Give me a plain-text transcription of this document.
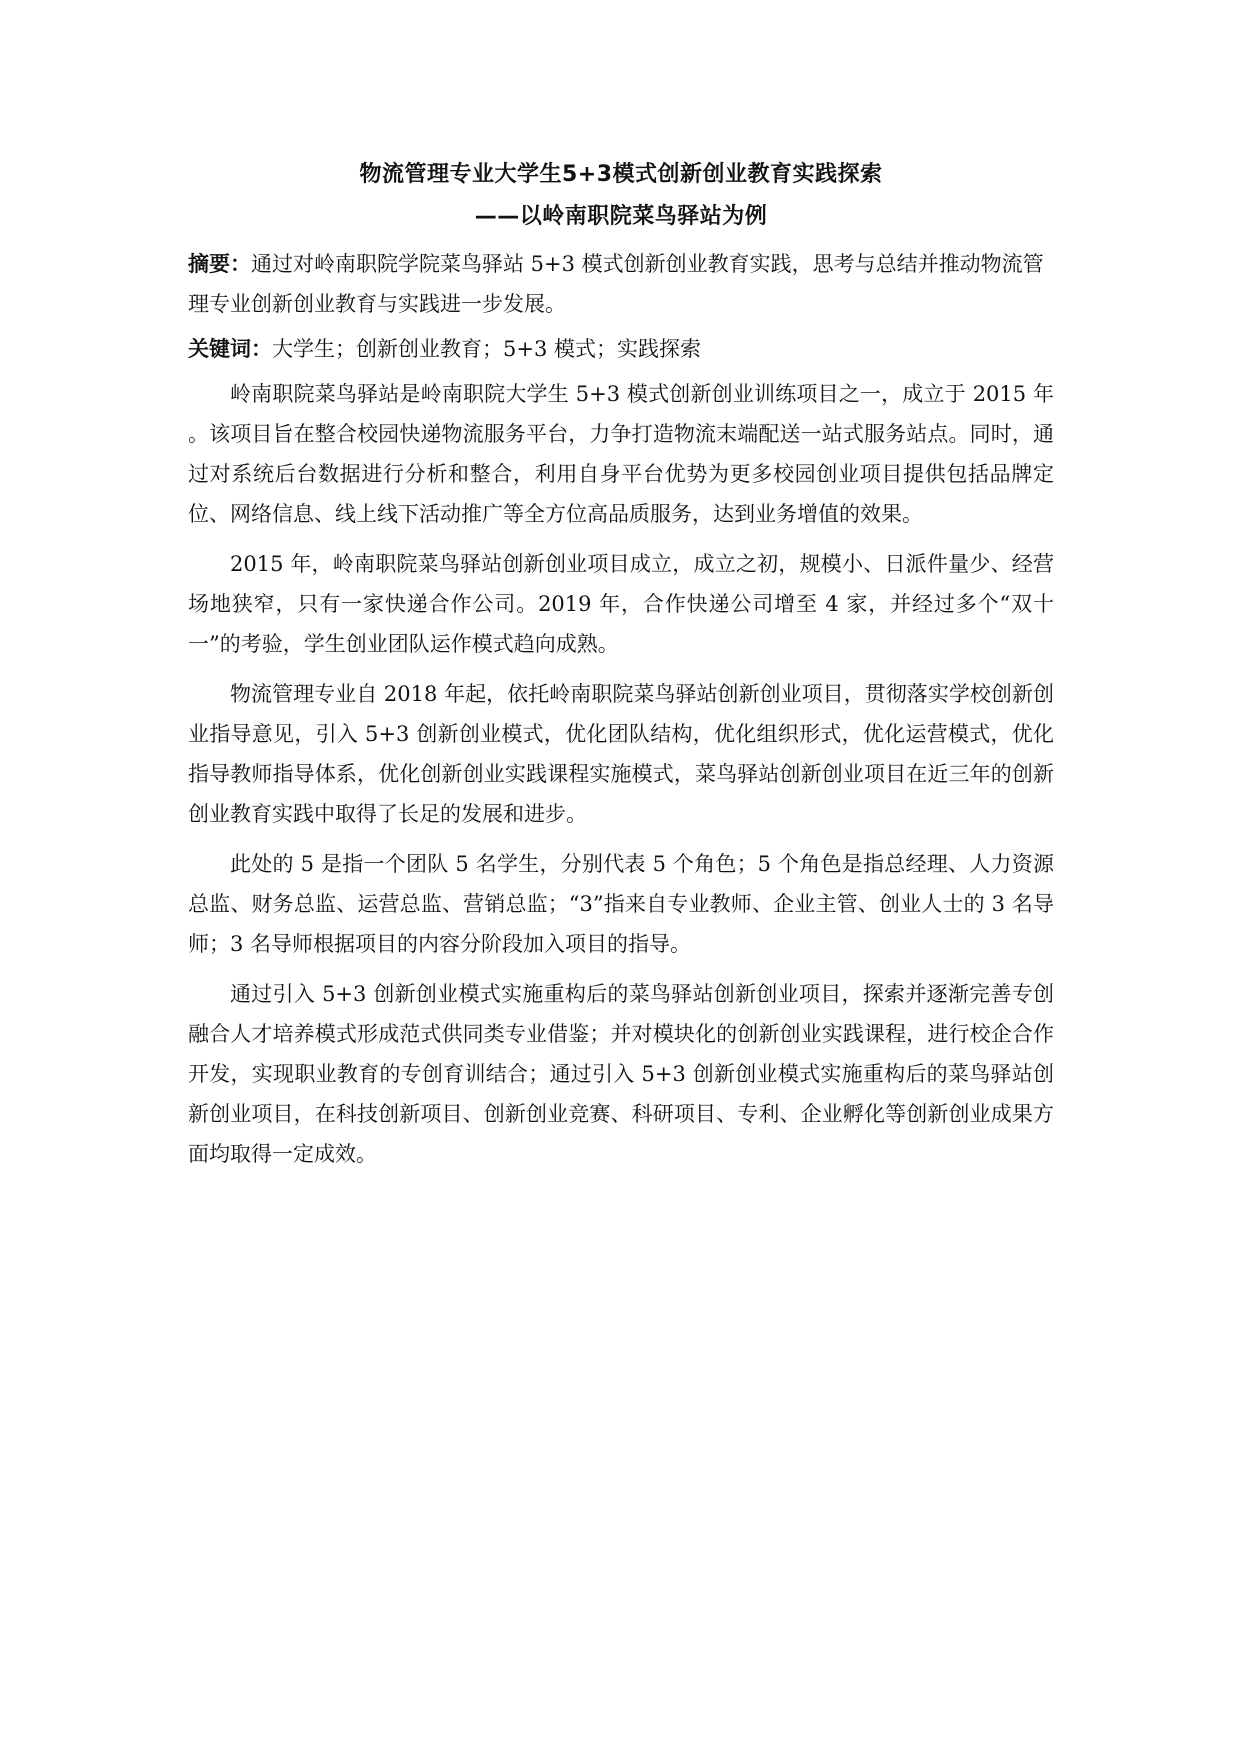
物流管理专业大学生5+3模式创新创业教育实践探索
——以岭南职院菜鸟驿站为例

摘要：通过对岭南职院学院菜鸟驿站 5+3 模式创新创业教育实践，思考与总结并推动物流管理专业创新创业教育与实践进一步发展。

关键词：大学生；创新创业教育；5+3 模式；实践探索

岭南职院菜鸟驿站是岭南职院大学生 5+3 模式创新创业训练项目之一，成立于 2015 年 。该项目旨在整合校园快递物流服务平台，力争打造物流末端配送一站式服务站点。同时，通过对系统后台数据进行分析和整合，利用自身平台优势为更多校园创业项目提供包括品牌定位、网络信息、线上线下活动推广等全方位高品质服务，达到业务增值的效果。

2015 年，岭南职院菜鸟驿站创新创业项目成立，成立之初，规模小、日派件量少、经营场地狭窄，只有一家快递合作公司。2019 年，合作快递公司增至 4 家，并经过多个“双十一”的考验，学生创业团队运作模式趋向成熟。

物流管理专业自 2018 年起，依托岭南职院菜鸟驿站创新创业项目，贯彻落实学校创新创业指导意见，引入 5+3 创新创业模式，优化团队结构，优化组织形式，优化运营模式，优化指导教师指导体系，优化创新创业实践课程实施模式，菜鸟驿站创新创业项目在近三年的创新创业教育实践中取得了长足的发展和进步。

此处的 5 是指一个团队 5 名学生，分别代表 5 个角色；5 个角色是指总经理、人力资源总监、财务总监、运营总监、营销总监；“3”指来自专业教师、企业主管、创业人士的 3 名导师；3 名导师根据项目的内容分阶段加入项目的指导。

通过引入 5+3 创新创业模式实施重构后的菜鸟驿站创新创业项目，探索并逐渐完善专创融合人才培养模式形成范式供同类专业借鉴；并对模块化的创新创业实践课程，进行校企合作开发，实现职业教育的专创育训结合；通过引入 5+3 创新创业模式实施重构后的菜鸟驿站创新创业项目，在科技创新项目、创新创业竞赛、科研项目、专利、企业孵化等创新创业成果方面均取得一定成效。
